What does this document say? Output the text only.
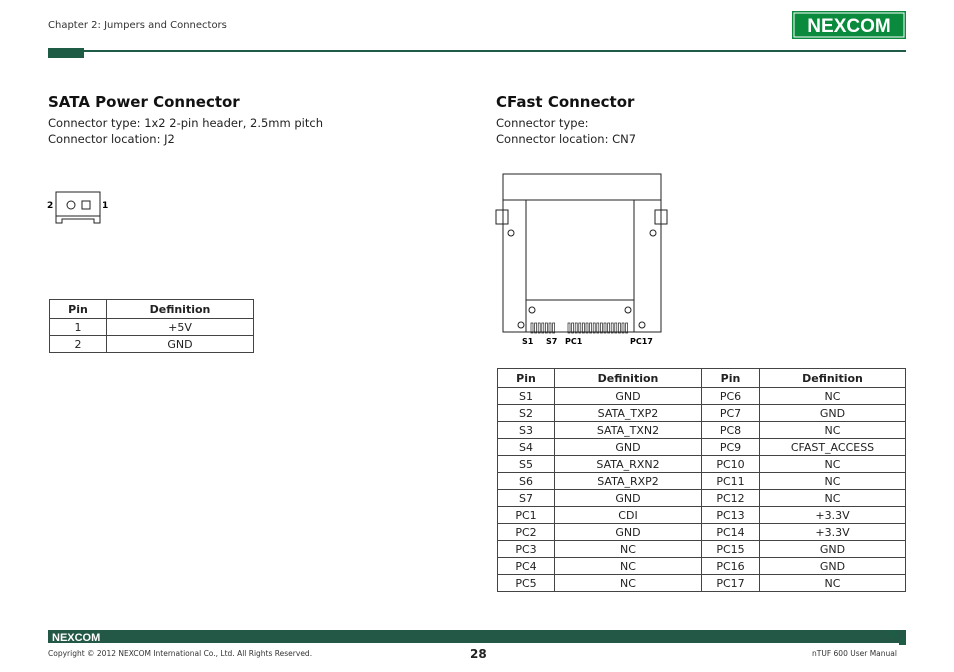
Chapter 2: Jumpers and Connectors	NEXCOM
SATA Power Connector
Connector type: 1x2 2-pin header, 2.5mm pitch
Connector location: J2
2	1
Pin	Definition
1	+5V
2	GND
CFast Connector
Connector type:
Connector location: CN7
S1 S7 PC1	PC17
Pin	Definition	Pin	Definition
S1	GND	PC6	NC
S2	SATA_TXP2	PC7	GND
S3	SATA_TXN2	PC8	NC
S4	GND	PC9	CFAST_ACCESS
S5	SATA_RXN2	PC10	NC
S6	SATA_RXP2	PC11	NC
S7	GND	PC12	NC
PC1	CDI	PC13	+3.3V
PC2	GND	PC14	+3.3V
PC3	NC	PC15	GND
PC4	NC	PC16	GND
PC5	NC	PC17	NC
NEXCOM
28
Copyright © 2012 NEXCOM International Co., Ltd. All Rights Reserved.	nTUF 600 User Manual
